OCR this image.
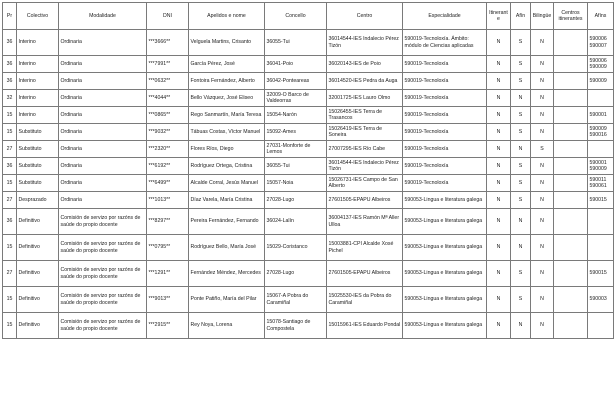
Pr	Colectivo	Modalidade	DNI	Apelidos e nome	Concello	Centro	Especialidade	Itinerante	Afín	Bilingüe	Centros itinerantes	Afíns
36	Interino	Ordinaria	***3666**	Velguela Martins, Crisanto	36055-Tui	36014544-IES Indalecio Pérez Tizón	590019-Tecnoloxía. Ámbito: módulo de Ciencias aplicadas	N	S	N		590006 590007
36	Interino	Ordinaria	***7991**	García Pérez, José	36041-Poio	36020143-IES de Poio	590019-Tecnoloxía	N	S	N		590006 590009
36	Interino	Ordinaria	***0632**	Fontoira Fernández, Alberto	36042-Ponteareas	36014520-IES Pedra da Auga	590019-Tecnoloxía	N	S	N		590009
32	Interino	Ordinaria	***4044**	Bello Vázquez, José Eliseo	32009-O Barco de Valdeorras	32001725-IES Lauro Olmo	590019-Tecnoloxía	N	N	N		
15	Interino	Ordinaria	***0865**	Rego Sanmartín, María Teresa	15054-Narón	15026455-IES Terra de Trasancos	590019-Tecnoloxía	N	S	N		590001
15	Substituto	Ordinaria	***9032**	Tábuas Costas, Víctor Manuel	15092-Ames	15026419-IES Terra de Soneira	590019-Tecnoloxía	N	S	N		590009 590016
27	Substituto	Ordinaria	***2320**	Flores Ríos, Diego	27031-Monforte de Lemos	27007295-IES Río Cabe	590019-Tecnoloxía	N	N	S		
36	Substituto	Ordinaria	***6192**	Rodríguez Ortega, Cristina	36055-Tui	36014544-IES Indalecio Pérez Tizón	590019-Tecnoloxía	N	S	N		590001 590009
15	Substituto	Ordinaria	***6499**	Alcalde Corral, Jesús Manuel	15057-Noia	15026731-IES Campo de San Alberto	590019-Tecnoloxía	N	S	N		590011 590061
27	Desprazado	Ordinaria	***1013**	Díaz Varela, María Cristina	27028-Lugo	27601505-EPAPU Albeiros	590053-Lingua e literatura galega	N	S	N		590015
36	Definitivo	Comisión de servizo por razóns de saúde do propio docente	***8297**	Pereira Fernández, Fernando	36024-Lalín	36004137-IES Ramón Mª Aller Ulloa	590053-Lingua e literatura galega	N	N	N		
15	Definitivo	Comisión de servizo por razóns de saúde do propio docente	***0795**	Rodríguez Bello, María José	15029-Coristanco	15003881-CPI Alcalde Xosé Pichel	590053-Lingua e literatura galega	N	N	N		
27	Definitivo	Comisión de servizo por razóns de saúde do propio docente	***1291**	Fernández Méndez, Mercedes	27028-Lugo	27601505-EPAPU Albeiros	590053-Lingua e literatura galega	N	S	N		590015
15	Definitivo	Comisión de servizo por razóns de saúde do propio docente	***9013**	Ponte Patiño, María del Pilar	15067-A Pobra do Caramiñal	15025530-IES da Pobra do Caramiñal	590053-Lingua e literatura galega	N	S	N		590003
15	Definitivo	Comisión de servizo por razóns de saúde do propio docente	***2915**	Rey Noya, Lorena	15078-Santiago de Compostela	15015961-IES Eduardo Pondal	590053-Lingua e literatura galega	N	N	N		
